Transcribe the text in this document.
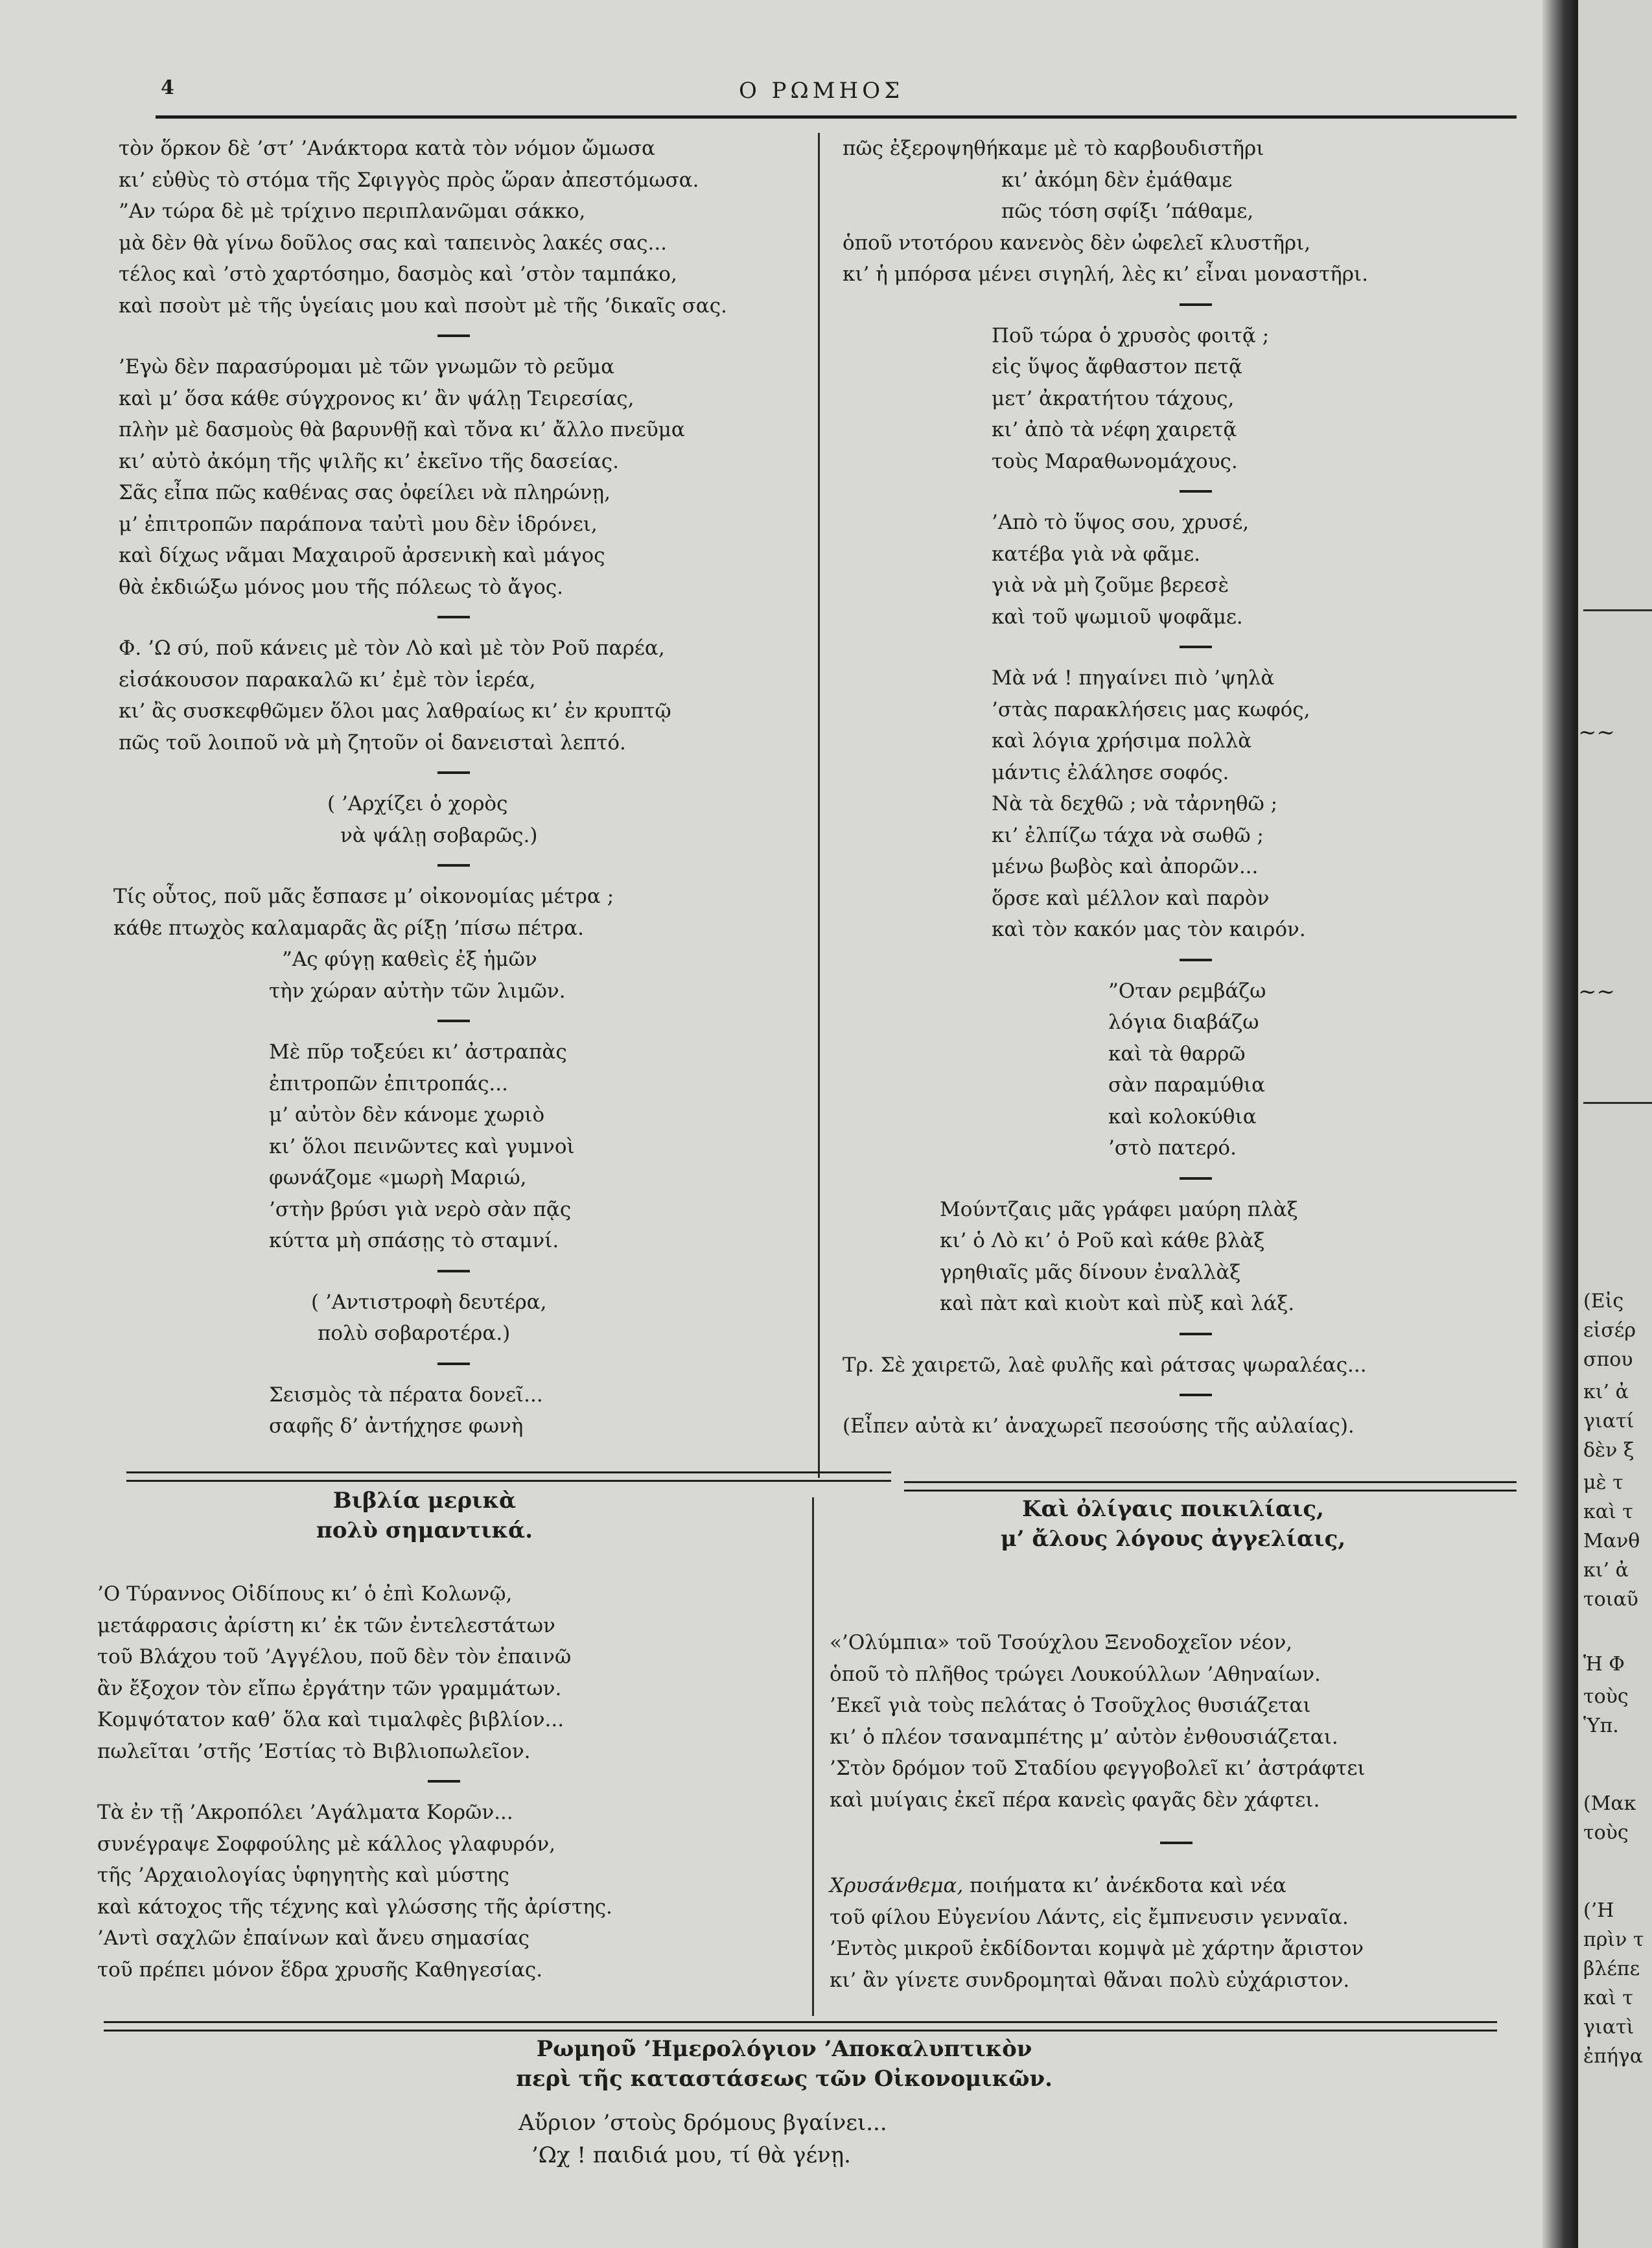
4	Ο ΡΩΜΗΟΣ

τὸν ὅρκον δὲ ’στ’ ’Ανάκτορα κατὰ τὸν νόμον ὤμωσα

κι’ εὐθὺς τὸ στόμα τῆς Σφιγγὸς πρὸς ὥραν ἀπεστόμωσα.

”Αν τώρα δὲ μὲ τρίχινο περιπλανῶμαι σάκκο,

μὰ δὲν θὰ γίνω δοῦλος σας καὶ ταπεινὸς λακές σας...

τέλος καὶ ’στὸ χαρτόσημο, δασμὸς καὶ ’στὸν ταμπάκο,

καὶ πσοὺτ μὲ τῆς ὑγείαις μου καὶ πσοὺτ μὲ τῆς ’δικαῖς σας.

’Εγὼ δὲν παρασύρομαι μὲ τῶν γνωμῶν τὸ ρεῦμα

καὶ μ’ ὅσα κάθε σύγχρονος κι’ ἂν ψάλῃ Τειρεσίας,

πλὴν μὲ δασμοὺς θὰ βαρυνθῇ καὶ τὄνα κι’ ἄλλο πνεῦμα

κι’ αὐτὸ ἀκόμη τῆς ψιλῆς κι’ ἐκεῖνο τῆς δασείας.

Σᾶς εἶπα πῶς καθένας σας ὀφείλει νὰ πληρώνῃ,

μ’ ἐπιτροπῶν παράπονα ταὐτὶ μου δὲν ἱδρόνει,

καὶ δίχως νᾶμαι Μαχαιροῦ ἀρσενικὴ καὶ μάγος

θὰ ἐκδιώξω μόνος μου τῆς πόλεως τὸ ἄγος.

Φ. ’Ω σύ, ποῦ κάνεις μὲ τὸν Λὸ καὶ μὲ τὸν Ροῦ παρέα,

εἰσάκουσον παρακαλῶ κι’ ἐμὲ τὸν ἱερέα,

κι’ ἂς συσκεφθῶμεν ὅλοι μας λαθραίως κι’ ἐν κρυπτῷ

πῶς τοῦ λοιποῦ νὰ μὴ ζητοῦν οἱ δανεισταὶ λεπτό.

( ’Αρχίζει ὁ χορὸς

νὰ ψάλῃ σοβαρῶς.)

Τίς οὗτος, ποῦ μᾶς ἔσπασε μ’ οἰκονομίας μέτρα ;

κάθε πτωχὸς καλαμαρᾶς ἂς ρίξῃ ’πίσω πέτρα.

”Ας φύγῃ καθεὶς ἐξ ἡμῶν

τὴν χώραν αὐτὴν τῶν λιμῶν.

Μὲ πῦρ τοξεύει κι’ ἀστραπὰς

ἐπιτροπῶν ἐπιτροπάς...

μ’ αὐτὸν δὲν κάνομε χωριὸ

κι’ ὅλοι πεινῶντες καὶ γυμνοὶ

φωνάζομε «μωρὴ Μαριώ,

’στὴν βρύσι γιὰ νερὸ σὰν πᾷς

κύττα μὴ σπάσῃς τὸ σταμνί.

( ’Αντιστροφὴ δευτέρα,

πολὺ σοβαροτέρα.)

Σεισμὸς τὰ πέρατα δονεῖ...

σαφῆς δ’ ἀντήχησε φωνὴ

πῶς ἐξεροψηθήκαμε μὲ τὸ καρβουδιστῆρι

κι’ ἀκόμη δὲν ἐμάθαμε

πῶς τόση σφίξι ’πάθαμε,

ὁποῦ ντοτόρου κανενὸς δὲν ὠφελεῖ κλυστῆρι,

κι’ ἡ μπόρσα μένει σιγηλή, λὲς κι’ εἶναι μοναστῆρι.

Ποῦ τώρα ὁ χρυσὸς φοιτᾷ ;

εἰς ὕψος ἄφθαστον πετᾷ

μετ’ ἀκρατήτου τάχους,

κι’ ἀπὸ τὰ νέφη χαιρετᾷ

τοὺς Μαραθωνομάχους.

’Απὸ τὸ ὕψος σου, χρυσέ,

κατέβα γιὰ νὰ φᾶμε.

γιὰ νὰ μὴ ζοῦμε βερεσὲ

καὶ τοῦ ψωμιοῦ ψοφᾶμε.

Μὰ νά ! πηγαίνει πιὸ ’ψηλὰ

’στὰς παρακλήσεις μας κωφός,

καὶ λόγια χρήσιμα πολλὰ

μάντις ἐλάλησε σοφός.

Νὰ τὰ δεχθῶ ; νὰ τἀρνηθῶ ;

κι’ ἐλπίζω τάχα νὰ σωθῶ ;

μένω βωβὸς καὶ ἀπορῶν...

ὅρσε καὶ μέλλον καὶ παρὸν

καὶ τὸν κακόν μας τὸν καιρόν.

”Οταν ρεμβάζω

λόγια διαβάζω

καὶ τὰ θαρρῶ

σὰν παραμύθια

καὶ κολοκύθια

’στὸ πατερό.

Μούντζαις μᾶς γράφει μαύρη πλὰξ

κι’ ὁ Λὸ κι’ ὁ Ροῦ καὶ κάθε βλὰξ

γρηθιαῖς μᾶς δίνουν ἐναλλὰξ

καὶ πὰτ καὶ κιοὺτ καὶ πὺξ καὶ λάξ.

Τρ. Σὲ χαιρετῶ, λαὲ φυλῆς καὶ ράτσας ψωραλέας...

(Εἶπεν αὐτὰ κι’ ἀναχωρεῖ πεσούσης τῆς αὐλαίας).

Βιβλία μερικὰ
πολὺ σημαντικά.

’Ο Τύραννος Οἰδίπους κι’ ὁ ἐπὶ Κολωνῷ,

μετάφρασις ἀρίστη κι’ ἐκ τῶν ἐντελεστάτων

τοῦ Βλάχου τοῦ ’Αγγέλου, ποῦ δὲν τὸν ἐπαινῶ

ἂν ἔξοχον τὸν εἴπω ἐργάτην τῶν γραμμάτων.

Κομψότατον καθ’ ὅλα καὶ τιμαλφὲς βιβλίον...

πωλεῖται ’στῆς ’Εστίας τὸ Βιβλιοπωλεῖον.

Τὰ ἐν τῇ ’Ακροπόλει ’Αγάλματα Κορῶν...

συνέγραψε Σοφφούλης μὲ κάλλος γλαφυρόν,

τῆς ’Αρχαιολογίας ὑφηγητὴς καὶ μύστης

καὶ κάτοχος τῆς τέχνης καὶ γλώσσης τῆς ἀρίστης.

’Αντὶ σαχλῶν ἐπαίνων καὶ ἄνευ σημασίας

τοῦ πρέπει μόνον ἕδρα χρυσῆς Καθηγεσίας.

Καὶ ὀλίγαις ποικιλίαις,
μ’ ἄλους λόγους ἀγγελίαις,

«’Ολύμπια» τοῦ Τσούχλου Ξενοδοχεῖον νέον,

ὁποῦ τὸ πλῆθος τρώγει Λουκούλλων ’Αθηναίων.

’Εκεῖ γιὰ τοὺς πελάτας ὁ Τσοῦχλος θυσιάζεται

κι’ ὁ πλέον τσαναμπέτης μ’ αὐτὸν ἐνθουσιάζεται.

’Στὸν δρόμον τοῦ Σταδίου φεγγοβολεῖ κι’ ἀστράφτει

καὶ μυίγαις ἐκεῖ πέρα κανεὶς φαγᾶς δὲν χάφτει.

Χρυσάνθεμα, ποιήματα κι’ ἀνέκδοτα καὶ νέα

τοῦ φίλου Εὐγενίου Λάντς, εἰς ἔμπνευσιν γενναῖα.

’Εντὸς μικροῦ ἐκδίδονται κομψὰ μὲ χάρτην ἄριστον

κι’ ἂν γίνετε συνδρομηταὶ θἄναι πολὺ εὐχάριστον.

Ρωμηοῦ ’Ημερολόγιον ’Αποκαλυπτικὸν
περὶ τῆς καταστάσεως τῶν Οἰκονομικῶν.
Αὔριον ’στοὺς δρόμους βγαίνει...
’Ωχ ! παιδιά μου, τί θὰ γένῃ.
~~
~~
(Εἰς
εἰσέρ
σπου
κι’ ἀ
γιατί
δὲν ξ
μὲ τ
καὶ τ
Μανθ
κι’ ἀ
τοιαῦ
Ἡ Φ
τοὺς
Ὑπ.
(Μακ
τοὺς
(’Η
πρὶν τ
βλέπε
καὶ τ
γιατὶ
ἐπήγα
